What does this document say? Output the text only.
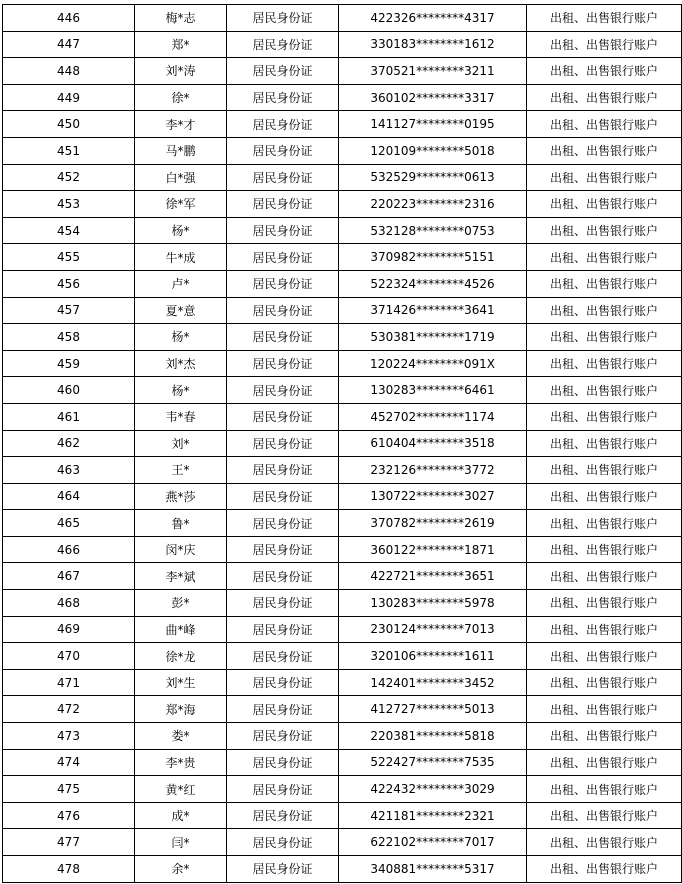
446	梅*志	居民身份证	422326********4317	出租、出售银行账户
447	郑*	居民身份证	330183********1612	出租、出售银行账户
448	刘*涛	居民身份证	370521********3211	出租、出售银行账户
449	徐*	居民身份证	360102********3317	出租、出售银行账户
450	李*才	居民身份证	141127********0195	出租、出售银行账户
451	马*鹏	居民身份证	120109********5018	出租、出售银行账户
452	白*强	居民身份证	532529********0613	出租、出售银行账户
453	徐*军	居民身份证	220223********2316	出租、出售银行账户
454	杨*	居民身份证	532128********0753	出租、出售银行账户
455	牛*成	居民身份证	370982********5151	出租、出售银行账户
456	卢*	居民身份证	522324********4526	出租、出售银行账户
457	夏*意	居民身份证	371426********3641	出租、出售银行账户
458	杨*	居民身份证	530381********1719	出租、出售银行账户
459	刘*杰	居民身份证	120224********091X	出租、出售银行账户
460	杨*	居民身份证	130283********6461	出租、出售银行账户
461	韦*春	居民身份证	452702********1174	出租、出售银行账户
462	刘*	居民身份证	610404********3518	出租、出售银行账户
463	王*	居民身份证	232126********3772	出租、出售银行账户
464	燕*莎	居民身份证	130722********3027	出租、出售银行账户
465	鲁*	居民身份证	370782********2619	出租、出售银行账户
466	闵*庆	居民身份证	360122********1871	出租、出售银行账户
467	李*斌	居民身份证	422721********3651	出租、出售银行账户
468	彭*	居民身份证	130283********5978	出租、出售银行账户
469	曲*峰	居民身份证	230124********7013	出租、出售银行账户
470	徐*龙	居民身份证	320106********1611	出租、出售银行账户
471	刘*生	居民身份证	142401********3452	出租、出售银行账户
472	郑*海	居民身份证	412727********5013	出租、出售银行账户
473	娄*	居民身份证	220381********5818	出租、出售银行账户
474	李*贵	居民身份证	522427********7535	出租、出售银行账户
475	黄*红	居民身份证	422432********3029	出租、出售银行账户
476	成*	居民身份证	421181********2321	出租、出售银行账户
477	闫*	居民身份证	622102********7017	出租、出售银行账户
478	余*	居民身份证	340881********5317	出租、出售银行账户
